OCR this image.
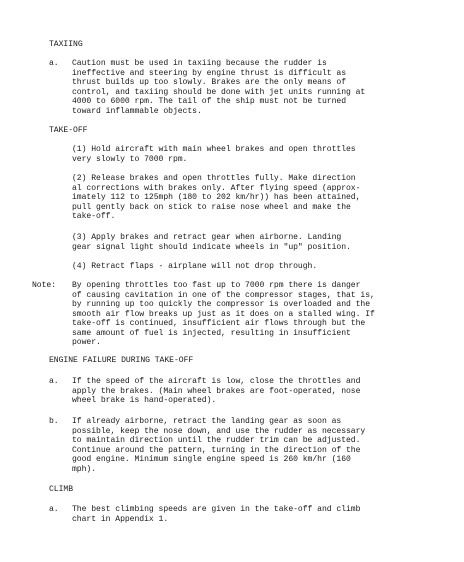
TAXIING
a. Caution must be used in taxiing because the rudder is
ineffective and steering by engine thrust is difficult as
thrust builds up too slowly. Brakes are the only means of
control, and taxiing should be done with jet units running at
4000 to 6000 rpm. The tail of the ship must not be turned
toward inflammable objects.
TAKE-OFF
(1) Hold aircraft with main wheel brakes and open throttles
very slowly to 7000 rpm.
(2) Release brakes and open throttles fully. Make direction
al corrections with brakes only. After flying speed (approx-
imately 112 to 125mph (180 to 202 km/hr)) has been attained,
pull gently back on stick to raise nose wheel and make the
take-off.
(3) Apply brakes and retract gear when airborne. Landing
gear signal light should indicate wheels in "up" position.
(4) Retract flaps - airplane will not drop through.
Note: By opening throttles too fast up to 7000 rpm there is danger
of causing cavitation in one of the compressor stages, that is,
by running up too quickly the compressor is overloaded and the
smooth air flow breaks up just as it does on a stalled wing. If
take-off is continued, insufficient air flows through but the
same amount of fuel is injected, resulting in insufficient
power.
ENGINE FAILURE DURING TAKE-OFF
a. If the speed of the aircraft is low, close the throttles and
apply the brakes. (Main wheel brakes are foot-operated, nose
wheel brake is hand-operated).
b. If already airborne, retract the landing gear as soon as
possible, keep the nose down, and use the rudder as necessary
to maintain direction until the rudder trim can be adjusted.
Continue around the pattern, turning in the direction of the
good engine. Minimum single engine speed is 260 km/hr (160
mph).
CLIMB
a. The best climbing speeds are given in the take-off and climb
chart in Appendix 1.
